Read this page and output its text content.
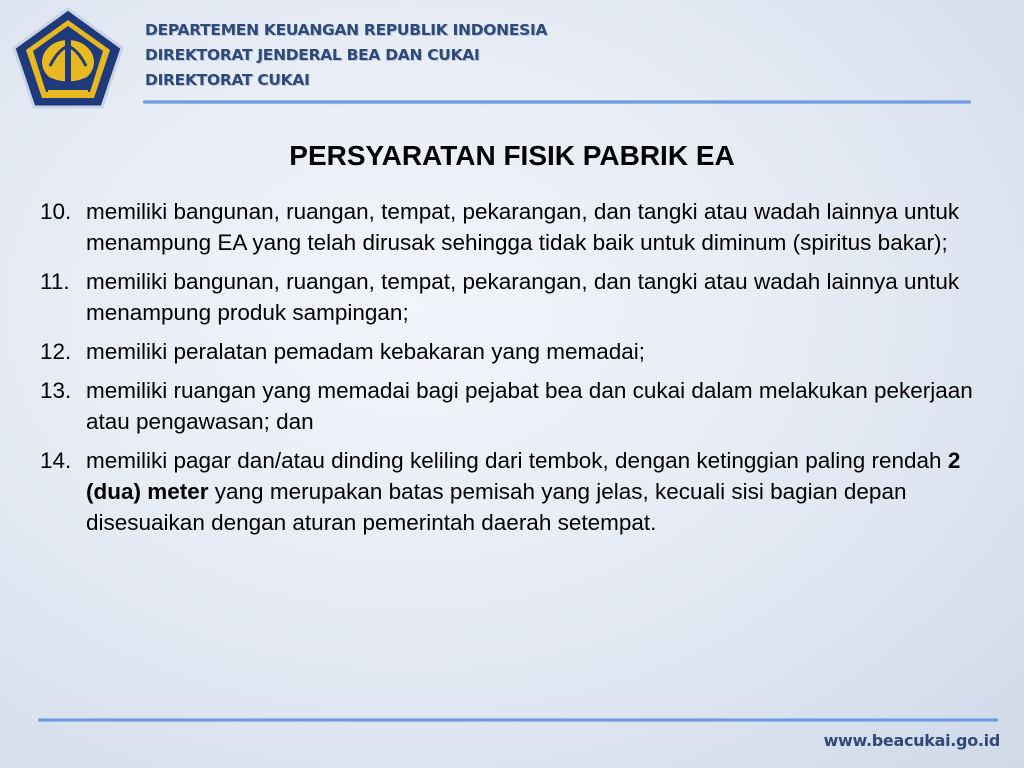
DEPARTEMEN KEUANGAN REPUBLIK INDONESIA
DIREKTORAT JENDERAL BEA DAN CUKAI
DIREKTORAT CUKAI
PERSYARATAN FISIK PABRIK EA
10. memiliki bangunan, ruangan, tempat, pekarangan, dan tangki atau wadah lainnya untuk menampung EA yang telah dirusak sehingga tidak baik untuk diminum (spiritus bakar);
11. memiliki bangunan, ruangan, tempat, pekarangan, dan tangki atau wadah lainnya untuk menampung produk sampingan;
12. memiliki peralatan pemadam kebakaran yang memadai;
13. memiliki ruangan yang memadai bagi pejabat bea dan cukai dalam melakukan pekerjaan atau pengawasan; dan
14. memiliki pagar dan/atau dinding keliling dari tembok, dengan ketinggian paling rendah 2 (dua) meter yang merupakan batas pemisah yang jelas, kecuali sisi bagian depan disesuaikan dengan aturan pemerintah daerah setempat.
www.beacukai.go.id
